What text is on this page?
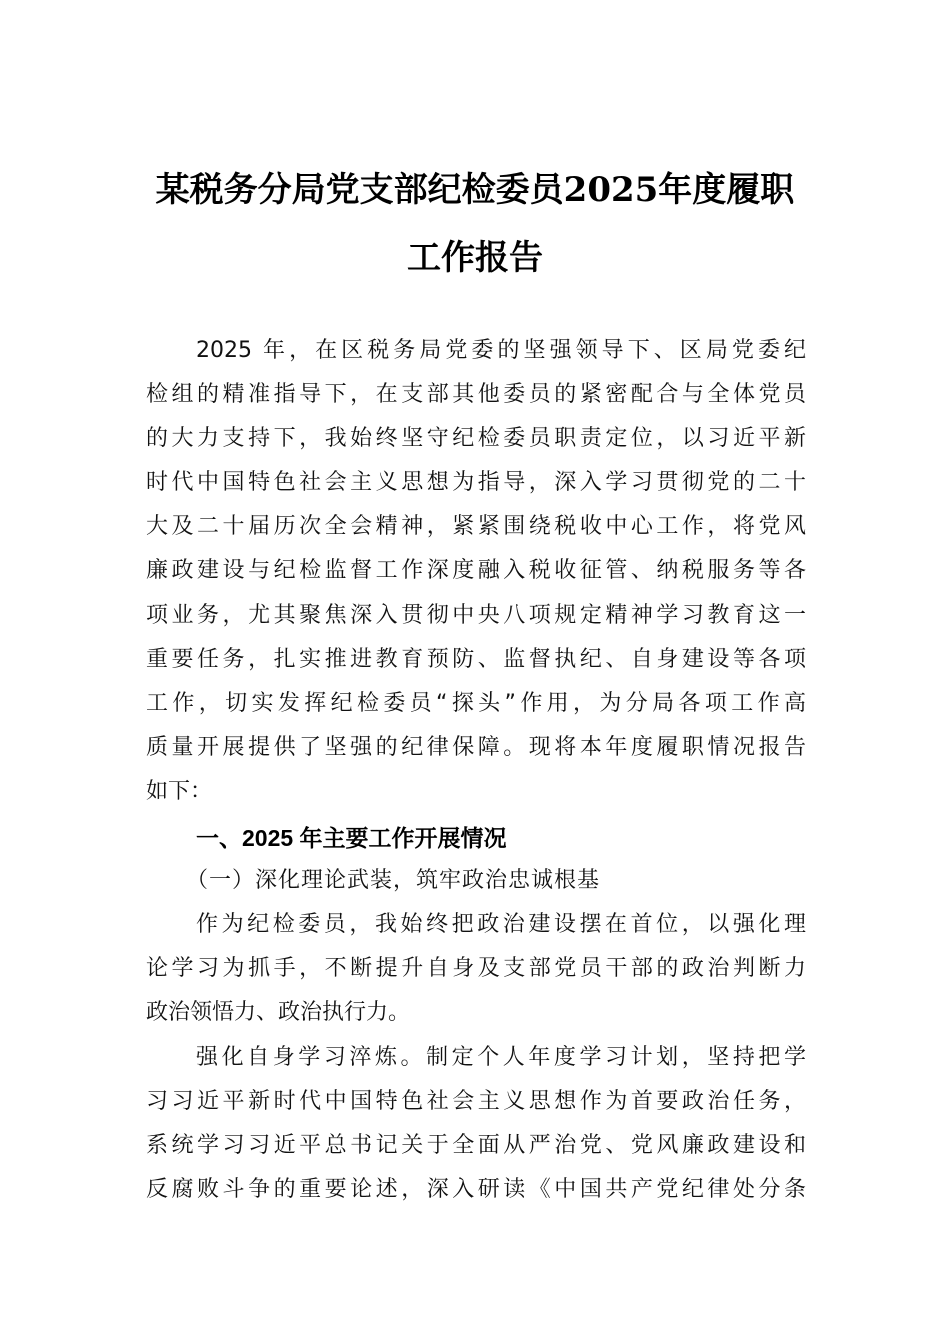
某税务分局党支部纪检委员2025年度履职
工作报告
2025 年，在区税务局党委的坚强领导下、区局党委纪
检组的精准指导下，在支部其他委员的紧密配合与全体党员
的大力支持下，我始终坚守纪检委员职责定位，以习近平新
时代中国特色社会主义思想为指导，深入学习贯彻党的二十
大及二十届历次全会精神，紧紧围绕税收中心工作，将党风
廉政建设与纪检监督工作深度融入税收征管、纳税服务等各
项业务，尤其聚焦深入贯彻中央八项规定精神学习教育这一
重要任务，扎实推进教育预防、监督执纪、自身建设等各项
工作，切实发挥纪检委员“探头”作用，为分局各项工作高
质量开展提供了坚强的纪律保障。现将本年度履职情况报告
如下：
一、2025 年主要工作开展情况
（一）深化理论武装，筑牢政治忠诚根基
作为纪检委员，我始终把政治建设摆在首位，以强化理
论学习为抓手，不断提升自身及支部党员干部的政治判断力
政治领悟力、政治执行力。
强化自身学习淬炼。制定个人年度学习计划，坚持把学
习习近平新时代中国特色社会主义思想作为首要政治任务，
系统学习习近平总书记关于全面从严治党、党风廉政建设和
反腐败斗争的重要论述，深入研读《中国共产党纪律处分条
